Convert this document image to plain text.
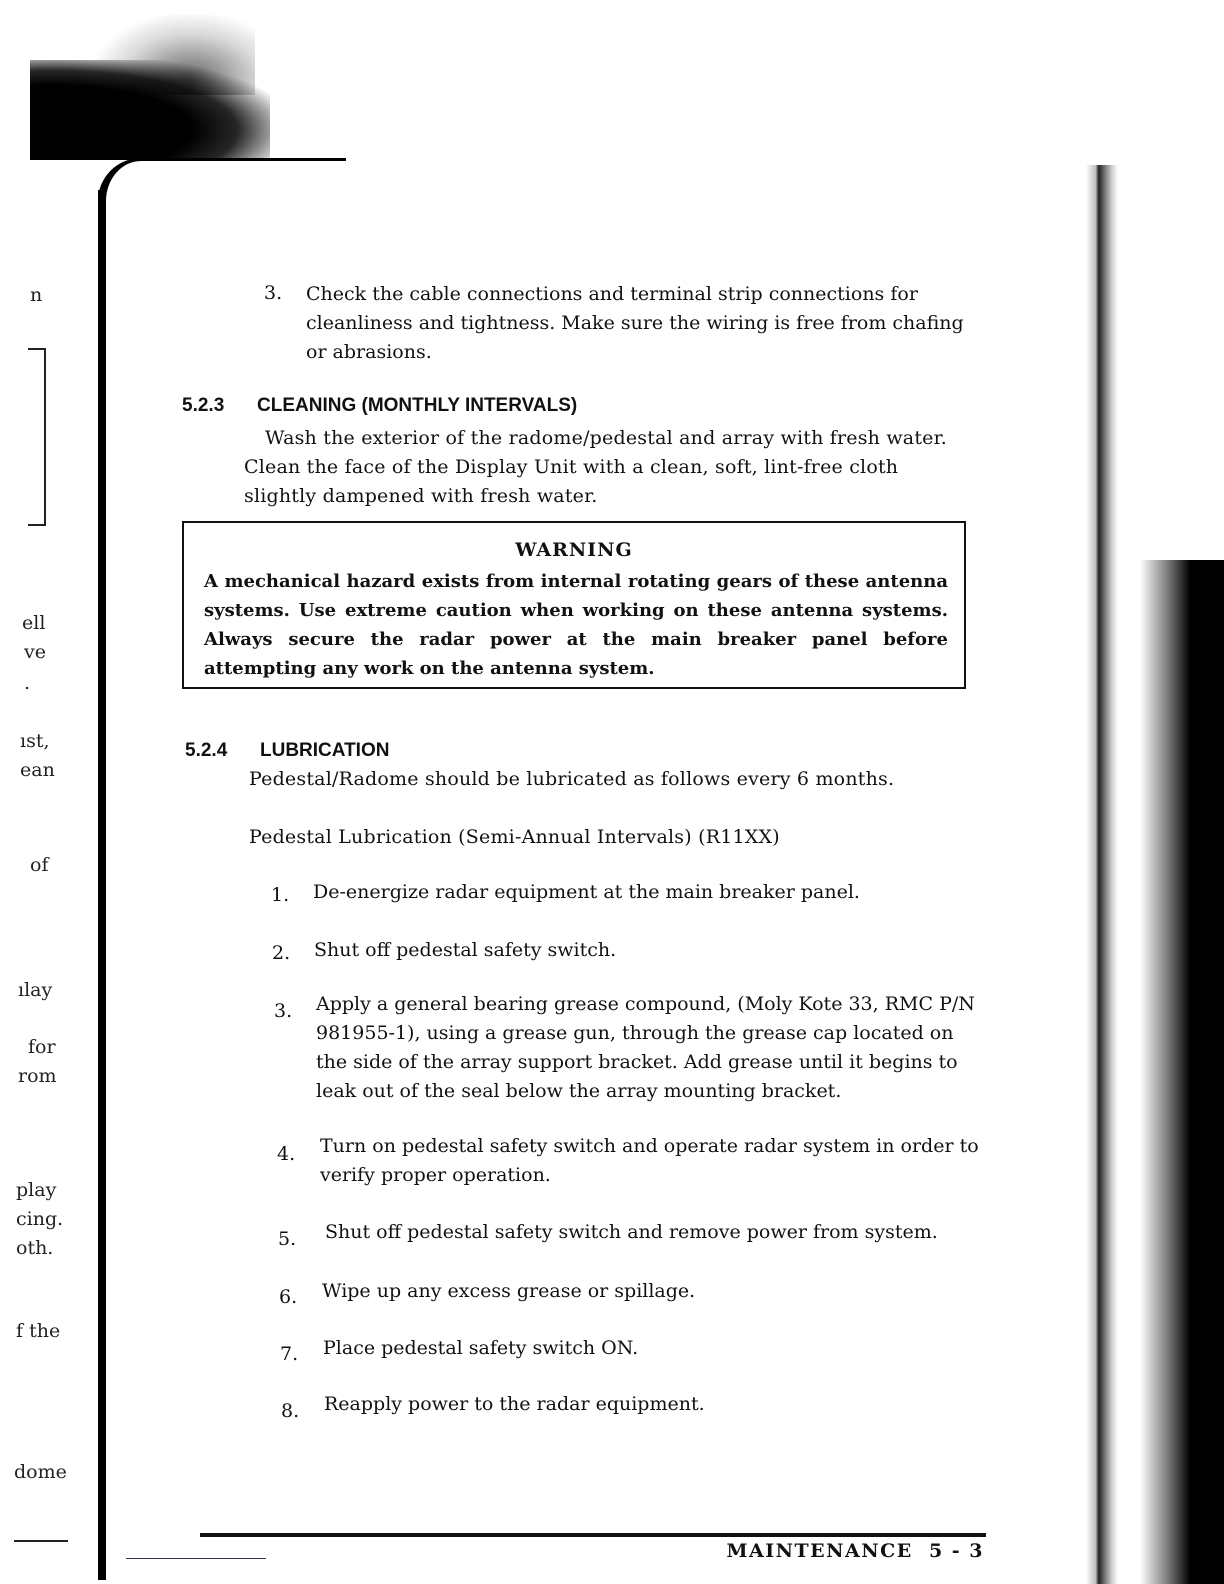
n
ell
ve
.
ıst,
ean
of
ılay
for
rom
play
cing.
oth.
f the
dome
3. Check the cable connections and terminal strip connections for cleanliness and tightness. Make sure the wiring is free from chafing or abrasions.
5.2.3 CLEANING (MONTHLY INTERVALS)
Wash the exterior of the radome/pedestal and array with fresh water. Clean the face of the Display Unit with a clean, soft, lint-free cloth slightly dampened with fresh water.
WARNING
A mechanical hazard exists from internal rotating gears of these antenna systems. Use extreme caution when working on these antenna systems. Always secure the radar power at the main breaker panel before attempting any work on the antenna system.
5.2.4 LUBRICATION
Pedestal/Radome should be lubricated as follows every 6 months.
Pedestal Lubrication (Semi-Annual Intervals) (R11XX)
1. De-energize radar equipment at the main breaker panel.
2. Shut off pedestal safety switch.
3. Apply a general bearing grease compound, (Moly Kote 33, RMC P/N 981955-1), using a grease gun, through the grease cap located on the side of the array support bracket. Add grease until it begins to leak out of the seal below the array mounting bracket.
4. Turn on pedestal safety switch and operate radar system in order to verify proper operation.
5. Shut off pedestal safety switch and remove power from system.
6. Wipe up any excess grease or spillage.
7. Place pedestal safety switch ON.
8. Reapply power to the radar equipment.
MAINTENANCE 5 - 3
